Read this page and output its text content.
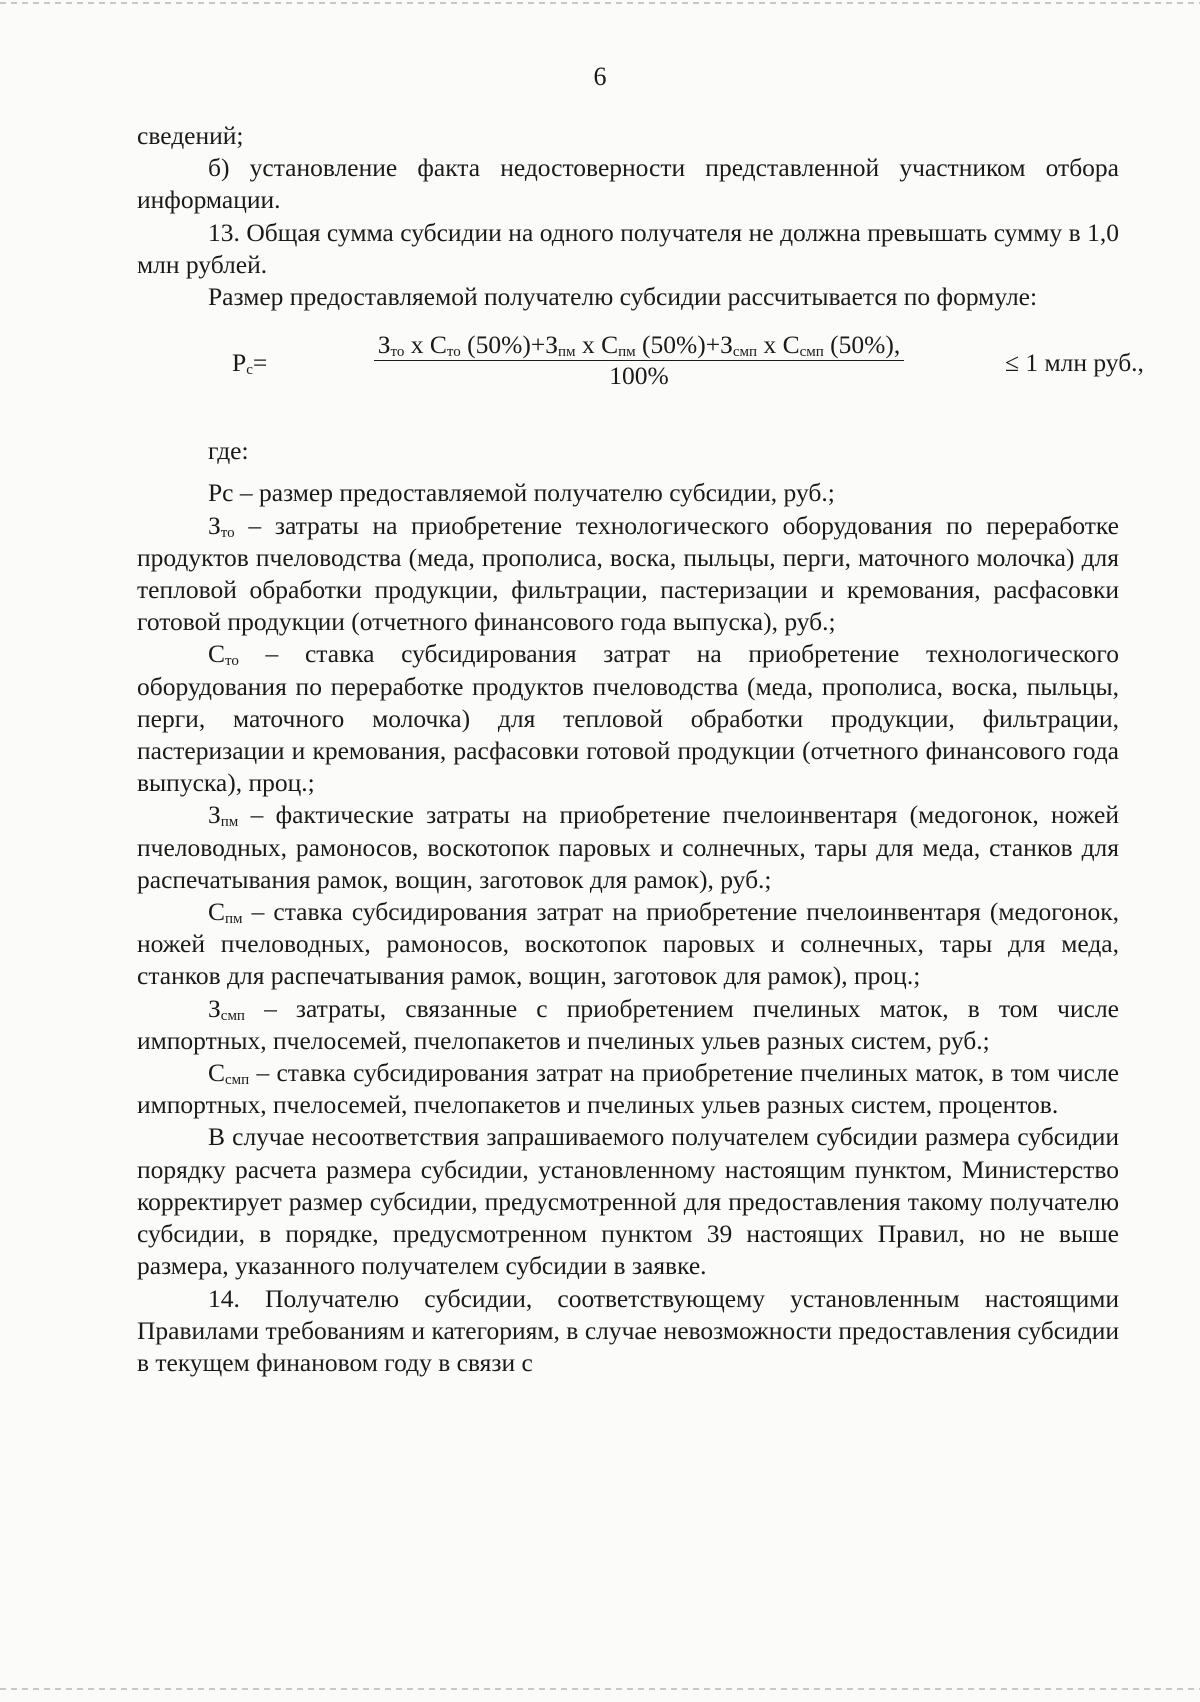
6

сведений;

б) установление факта недостоверности представленной участником отбора информации.

13. Общая сумма субсидии на одного получателя не должна превышать сумму в 1,0 млн рублей.

Размер предоставляемой получателю субсидии рассчитывается по формуле:

$P_с=$
$З_{то}$ х $С_{то}$ $(50\%)+З_{пм}$ х $С_{пм}$ $(50\%)+З_{смп}$ х $С_{смп}$ (50%),
100%	≤ 1 млн руб.,

где:

Pс – размер предоставляемой получателю субсидии, руб.;

$З_{то}$ – затраты на приобретение технологического оборудования по переработке продуктов пчеловодства (меда, прополиса, воска, пыльцы, перги, маточного молочка) для тепловой обработки продукции, фильтрации, пастеризации и кремования, расфасовки готовой продукции (отчетного финансового года выпуска), руб.;

$С_{то}$ – ставка субсидирования затрат на приобретение технологического оборудования по переработке продуктов пчеловодства (меда, прополиса, воска, пыльцы, перги, маточного молочка) для тепловой обработки продукции, фильтрации, пастеризации и кремования, расфасовки готовой продукции (отчетного финансового года выпуска), проц.;

$З_{пм}$ – фактические затраты на приобретение пчелоинвентаря (медогонок, ножей пчеловодных, рамоносов, воскотопок паровых и солнечных, тары для меда, станков для распечатывания рамок, вощин, заготовок для рамок), руб.;

$С_{пм}$ – ставка субсидирования затрат на приобретение пчелоинвентаря (медогонок, ножей пчеловодных, рамоносов, воскотопок паровых и солнечных, тары для меда, станков для распечатывания рамок, вощин, заготовок для рамок), проц.;

$З_{смп}$ – затраты, связанные с приобретением пчелиных маток, в том числе импортных, пчелосемей, пчелопакетов и пчелиных ульев разных систем, руб.;

$С_{смп}$ – ставка субсидирования затрат на приобретение пчелиных маток, в том числе импортных, пчелосемей, пчелопакетов и пчелиных ульев разных систем, процентов.

В случае несоответствия запрашиваемого получателем субсидии размера субсидии порядку расчета размера субсидии, установленному настоящим пунктом, Министерство корректирует размер субсидии, предусмотренной для предоставления такому получателю субсидии, в порядке, предусмотренном пунктом 39 настоящих Правил, но не выше размера, указанного получателем субсидии в заявке.

14. Получателю субсидии, соответствующему установленным настоящими Правилами требованиям и категориям, в случае невозможности предоставления субсидии в текущем финановом году в связи с
